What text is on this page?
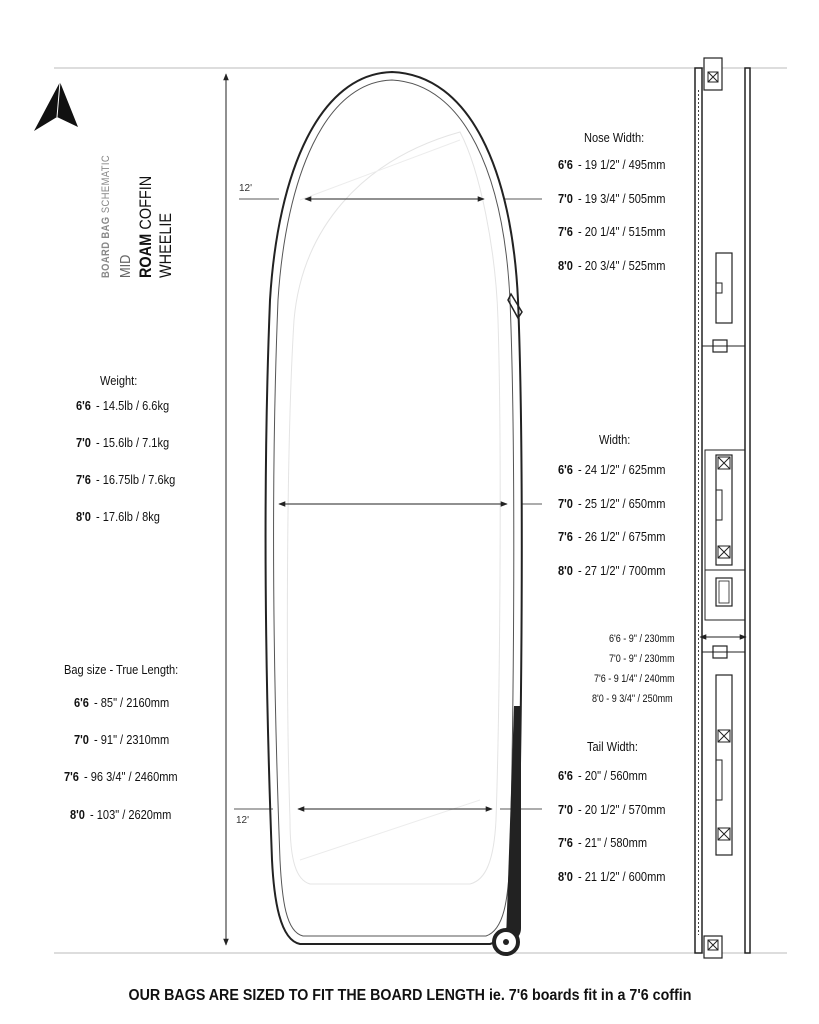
ROAMCOFFIN WHEELIE
MID
BOARD BAGSCHEMATIC	12'
12'
Weight:
6'6 - 14.5lb / 6.6kg
7'0 - 15.6lb / 7.1kg
7'6 - 16.75lb / 7.6kg
8'0 - 17.6lb / 8kg
Bag size - True Length:
6'6 - 85" / 2160mm
7'0 - 91" / 2310mm
7'6 - 96 3/4" / 2460mm
8'0 - 103" / 2620mm
Nose Width:
6'6 - 19 1/2" / 495mm
7'0 - 19 3/4" / 505mm
7'6 - 20 1/4" / 515mm
8'0 - 20 3/4" / 525mm
Width:
6'6 - 24 1/2" / 625mm
7'0 - 25 1/2" / 650mm
7'6 - 26 1/2" / 675mm
8'0 - 27 1/2" / 700mm
6'6 - 9" / 230mm
7'0 - 9" / 230mm
7'6 - 9 1/4" / 240mm
8'0 - 9 3/4" / 250mm
Tail Width:
6'6 - 20" / 560mm
7'0 - 20 1/2" / 570mm
7'6 - 21" / 580mm
8'0 - 21 1/2" / 600mm
OUR BAGS ARE SIZED TO FIT THE BOARD LENGTH ie. 7'6 boards fit in a 7'6 coffin
